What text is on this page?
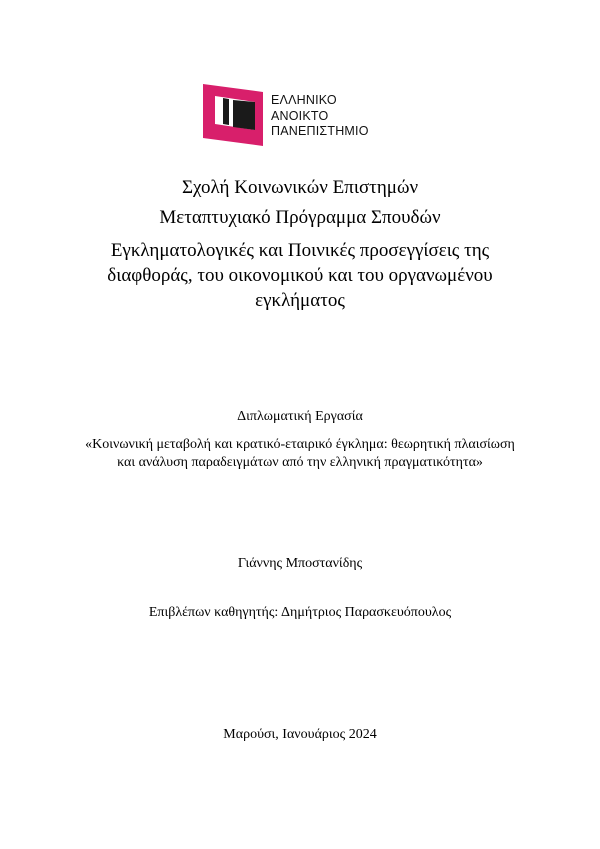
ΕΛΛΗΝΙΚΟ
ΑΝΟΙΚΤΟ
ΠΑΝΕΠΙΣΤΗΜΙΟ
Σχολή Κοινωνικών Επιστημών
Μεταπτυχιακό Πρόγραμμα Σπουδών
Εγκληματολογικές και Ποινικές προσεγγίσεις της διαφθοράς, του οικονομικού και του οργανωμένου εγκλήματος
Διπλωματική Εργασία
«Κοινωνική μεταβολή και κρατικό-εταιρικό έγκλημα: θεωρητική πλαισίωση και ανάλυση παραδειγμάτων από την ελληνική πραγματικότητα»
Γιάννης Μποστανίδης
Επιβλέπων καθηγητής: Δημήτριος Παρασκευόπουλος
Μαρούσι, Ιανουάριος 2024
